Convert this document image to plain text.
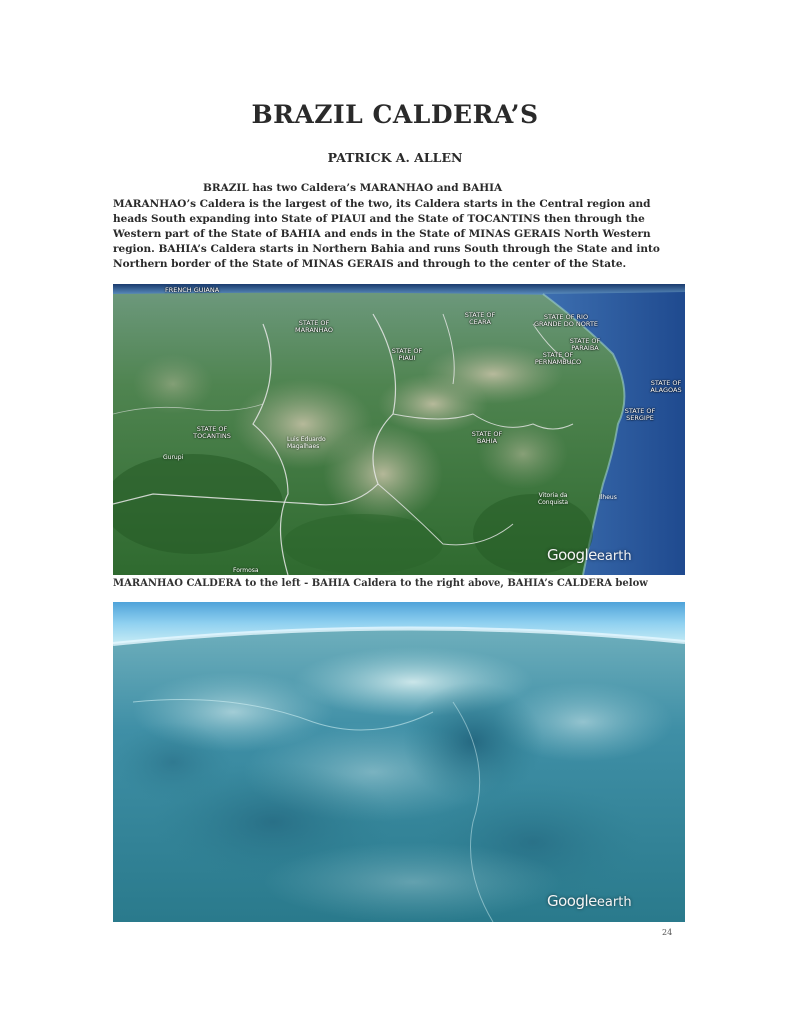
BRAZIL CALDERA’S
PATRICK A. ALLEN
BRAZIL has two Caldera’s MARANHAO and BAHIA
MARANHAO’s Caldera is the largest of the two, its Caldera starts in the Central region and heads South expanding into State of PIAUI and the State of TOCANTINS then through the Western part of the State of BAHIA and ends in the State of MINAS GERAIS North Western region. BAHIA’s Caldera starts in Northern Bahia and runs South through the State and into Northern border of the State of MINAS GERAIS and through to the center of the State.
FRENCH GUIANA
STATE OF MARANHAO
STATE OF CEARA
STATE OF RIO GRANDE DO NORTE
STATE OF PARAIBA
STATE OF PERNAMBUCO
STATE OF PIAUI
STATE OF ALAGOAS
STATE OF SERGIPE
STATE OF TOCANTINS	STATE OF BAHIA
Luis Eduardo Magalhaes
Gurupi
Vitoria da Conquista
Ilheus
Formosa
Googleearth
MARANHAO CALDERA to the left - BAHIA Caldera to the right above, BAHIA’s CALDERA below
Googleearth
24
